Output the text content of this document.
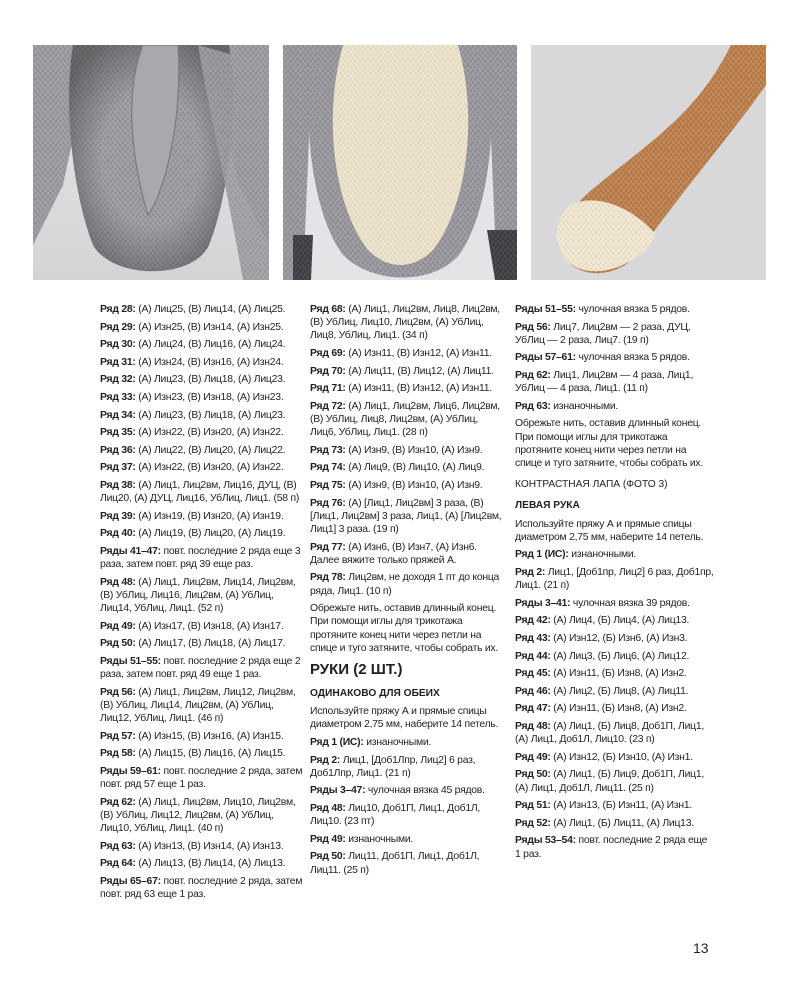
Ряд 28: (А) Лиц25, (В) Лиц14, (А) Лиц25.
Ряд 29: (А) Изн25, (В) Изн14, (А) Изн25.
Ряд 30: (А) Лиц24, (В) Лиц16, (А) Лиц24.
Ряд 31: (А) Изн24, (В) Изн16, (А) Изн24.
Ряд 32: (А) Лиц23, (В) Лиц18, (А) Лиц23.
Ряд 33: (А) Изн23, (В) Изн18, (А) Изн23.
Ряд 34: (А) Лиц23, (В) Лиц18, (А) Лиц23.
Ряд 35: (А) Изн22, (В) Изн20, (А) Изн22.
Ряд 36: (А) Лиц22, (В) Лиц20, (А) Лиц22.
Ряд 37: (А) Изн22, (В) Изн20, (А) Изн22.
Ряд 38: (А) Лиц1, Лиц2вм, Лиц16, ДУЦ, (В) Лиц20, (А) ДУЦ, Лиц16, УбЛиц, Лиц1. (58 п)
Ряд 39: (А) Изн19, (В) Изн20, (А) Изн19.
Ряд 40: (А) Лиц19, (В) Лиц20, (А) Лиц19.
Ряды 41–47: повт. последние 2 ряда еще 3 раза, затем повт. ряд 39 еще раз.
Ряд 48: (А) Лиц1, Лиц2вм, Лиц14, Лиц2вм, (В) УбЛиц, Лиц16, Лиц2вм, (А) УбЛиц, Лиц14, УбЛиц, Лиц1. (52 п)
Ряд 49: (А) Изн17, (В) Изн18, (А) Изн17.
Ряд 50: (А) Лиц17, (В) Лиц18, (А) Лиц17.
Ряды 51–55: повт. последние 2 ряда еще 2 раза, затем повт. ряд 49 еще 1 раз.
Ряд 56: (А) Лиц1, Лиц2вм, Лиц12, Лиц2вм, (В) УбЛиц, Лиц14, Лиц2вм, (А) УбЛиц, Лиц12, УбЛиц, Лиц1. (46 п)
Ряд 57: (А) Изн15, (В) Изн16, (А) Изн15.
Ряд 58: (А) Лиц15, (В) Лиц16, (А) Лиц15.
Ряды 59–61: повт. последние 2 ряда, затем повт. ряд 57 еще 1 раз.
Ряд 62: (А) Лиц1, Лиц2вм, Лиц10, Лиц2вм, (В) УбЛиц, Лиц12, Лиц2вм, (А) УбЛиц, Лиц10, УбЛиц, Лиц1. (40 п)
Ряд 63: (А) Изн13, (В) Изн14, (А) Изн13.
Ряд 64: (А) Лиц13, (В) Лиц14, (А) Лиц13.
Ряды 65–67: повт. последние 2 ряда, затем повт. ряд 63 еще 1 раз.
Ряд 68: (А) Лиц1, Лиц2вм, Лиц8, Лиц2вм, (В) УбЛиц, Лиц10, Лиц2вм, (А) УбЛиц, Лиц8, УбЛиц, Лиц1. (34 п)
Ряд 69: (А) Изн11, (В) Изн12, (А) Изн11.
Ряд 70: (А) Лиц11, (В) Лиц12, (А) Лиц11.
Ряд 71: (А) Изн11, (В) Изн12, (А) Изн11.
Ряд 72: (А) Лиц1, Лиц2вм, Лиц6, Лиц2вм, (В) УбЛиц, Лиц8, Лиц2вм, (А) УбЛиц, Лиц6, УбЛиц, Лиц1. (28 п)
Ряд 73: (А) Изн9, (В) Изн10, (А) Изн9.
Ряд 74: (А) Лиц9, (В) Лиц10, (А) Лиц9.
Ряд 75: (А) Изн9, (В) Изн10, (А) Изн9.
Ряд 76: (А) [Лиц1, Лиц2вм] 3 раза, (В) [Лиц1, Лиц2вм] 3 раза, Лиц1, (А) [Лиц2вм, Лиц1] 3 раза. (19 п)
Ряд 77: (А) Изн6, (В) Изн7, (А) Изн6. Далее вяжите только пряжей А.
Ряд 78: Лиц2вм, не доходя 1 пт до конца ряда, Лиц1. (10 п)
Обрежьте нить, оставив длинный конец. При помощи иглы для трикотажа протяните конец нити через петли на спице и туго затяните, чтобы собрать их.
РУКИ (2 ШТ.)
ОДИНАКОВО ДЛЯ ОБЕИХ
Используйте пряжу А и прямые спицы диаметром 2,75 мм, наберите 14 петель.
Ряд 1 (ИС): изнаночными.
Ряд 2: Лиц1, [Доб1Лпр, Лиц2] 6 раз, Доб1Лпр, Лиц1. (21 п)
Ряды 3–47: чулочная вязка 45 рядов.
Ряд 48: Лиц10, Доб1П, Лиц1, Доб1Л, Лиц10. (23 пт)
Ряд 49: изнаночными.
Ряд 50: Лиц11, Доб1П, Лиц1, Доб1Л, Лиц11. (25 п)
Ряды 51–55: чулочная вязка 5 рядов.
Ряд 56: Лиц7, Лиц2вм — 2 раза, ДУЦ, УбЛиц — 2 раза, Лиц7. (19 п)
Ряды 57–61: чулочная вязка 5 рядов.
Ряд 62: Лиц1, Лиц2вм — 4 раза, Лиц1, УбЛиц — 4 раза, Лиц1. (11 п)
Ряд 63: изнаночными.
Обрежьте нить, оставив длинный конец. При помощи иглы для трикотажа протяните конец нити через петли на спице и туго затяните, чтобы собрать их.
КОНТРАСТНАЯ ЛАПА (ФОТО 3)
ЛЕВАЯ РУКА
Используйте пряжу А и прямые спицы диаметром 2,75 мм, наберите 14 петель.
Ряд 1 (ИС): изнаночными.
Ряд 2: Лиц1, [Доб1пр, Лиц2] 6 раз, Доб1пр, Лиц1. (21 п)
Ряды 3–41: чулочная вязка 39 рядов.
Ряд 42: (А) Лиц4, (Б) Лиц4, (А) Лиц13.
Ряд 43: (А) Изн12, (Б) Изн6, (А) Изн3.
Ряд 44: (А) Лиц3, (Б) Лиц6, (А) Лиц12.
Ряд 45: (А) Изн11, (Б) Изн8, (А) Изн2.
Ряд 46: (А) Лиц2, (Б) Лиц8, (А) Лиц11.
Ряд 47: (А) Изн11, (Б) Изн8, (А) Изн2.
Ряд 48: (А) Лиц1, (Б) Лиц8, Доб1П, Лиц1, (А) Лиц1, Доб1Л, Лиц10. (23 п)
Ряд 49: (А) Изн12, (Б) Изн10, (А) Изн1.
Ряд 50: (А) Лиц1, (Б) Лиц9, Доб1П, Лиц1, (А) Лиц1, Доб1Л, Лиц11. (25 п)
Ряд 51: (А) Изн13, (Б) Изн11, (А) Изн1.
Ряд 52: (А) Лиц1, (Б) Лиц11, (А) Лиц13.
Ряды 53–54: повт. последние 2 ряда еще 1 раз.
13
